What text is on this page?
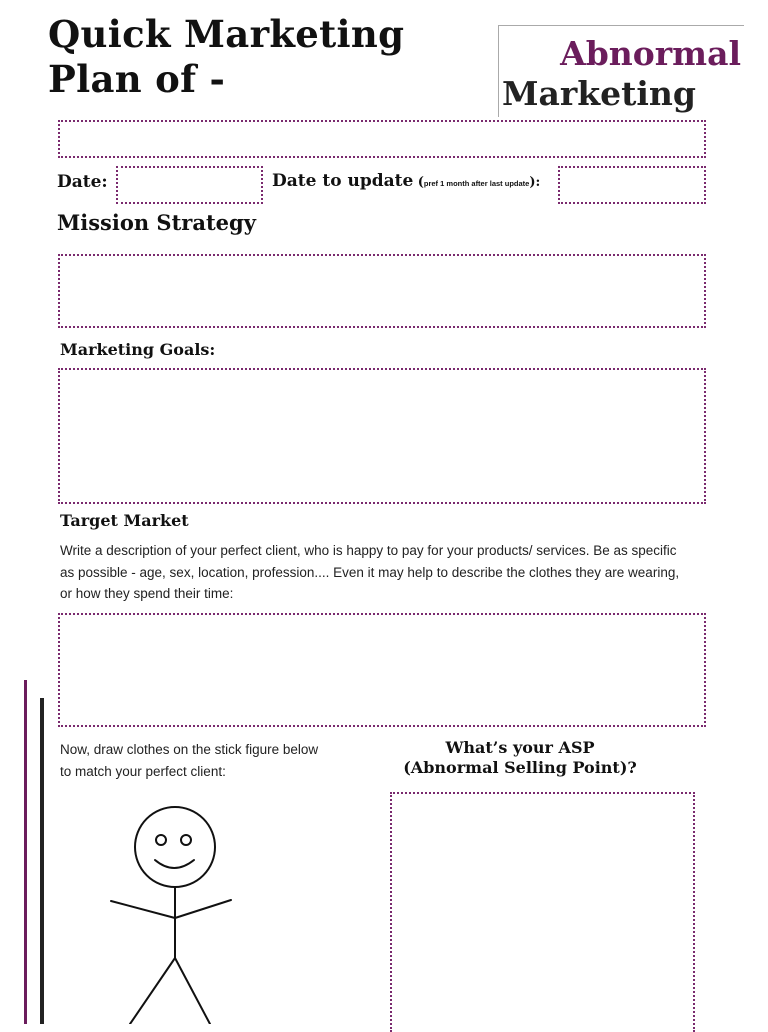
Quick Marketing
Plan of -
Abnormal
Marketing
Date:	Date to update (pref 1 month after last update):
Mission Strategy
Marketing Goals:
Target Market
Write a description of your perfect client, who is happy to pay for your products/ services. Be as specific as possible - age, sex, location, profession.... Even it may help to describe the clothes they are wearing, or how they spend their time:
Now, draw clothes on the stick figure below
to match your perfect client:
What’s your ASP
(Abnormal Selling Point)?
